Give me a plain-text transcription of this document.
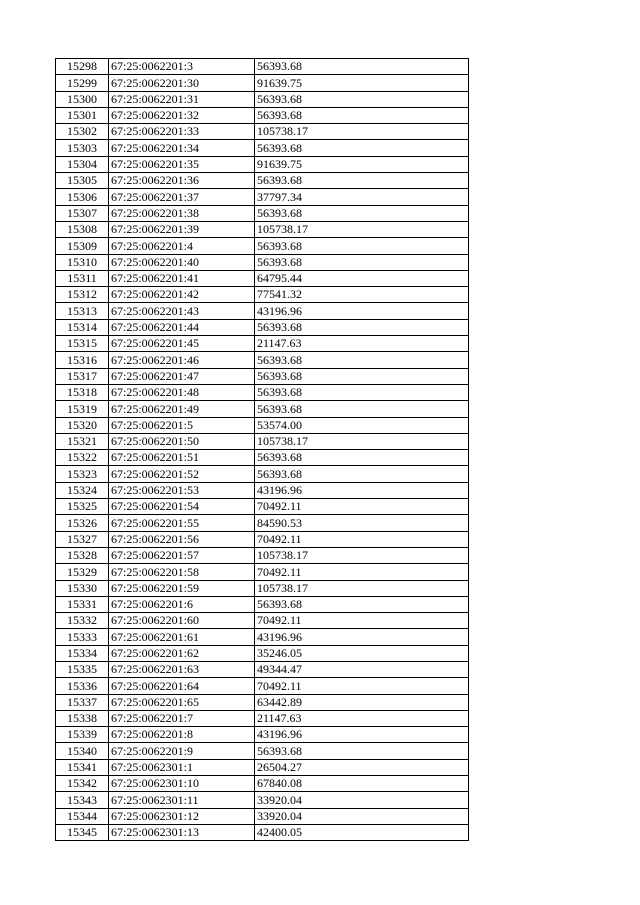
15298	67:25:0062201:3	56393.68
15299	67:25:0062201:30	91639.75
15300	67:25:0062201:31	56393.68
15301	67:25:0062201:32	56393.68
15302	67:25:0062201:33	105738.17
15303	67:25:0062201:34	56393.68
15304	67:25:0062201:35	91639.75
15305	67:25:0062201:36	56393.68
15306	67:25:0062201:37	37797.34
15307	67:25:0062201:38	56393.68
15308	67:25:0062201:39	105738.17
15309	67:25:0062201:4	56393.68
15310	67:25:0062201:40	56393.68
15311	67:25:0062201:41	64795.44
15312	67:25:0062201:42	77541.32
15313	67:25:0062201:43	43196.96
15314	67:25:0062201:44	56393.68
15315	67:25:0062201:45	21147.63
15316	67:25:0062201:46	56393.68
15317	67:25:0062201:47	56393.68
15318	67:25:0062201:48	56393.68
15319	67:25:0062201:49	56393.68
15320	67:25:0062201:5	53574.00
15321	67:25:0062201:50	105738.17
15322	67:25:0062201:51	56393.68
15323	67:25:0062201:52	56393.68
15324	67:25:0062201:53	43196.96
15325	67:25:0062201:54	70492.11
15326	67:25:0062201:55	84590.53
15327	67:25:0062201:56	70492.11
15328	67:25:0062201:57	105738.17
15329	67:25:0062201:58	70492.11
15330	67:25:0062201:59	105738.17
15331	67:25:0062201:6	56393.68
15332	67:25:0062201:60	70492.11
15333	67:25:0062201:61	43196.96
15334	67:25:0062201:62	35246.05
15335	67:25:0062201:63	49344.47
15336	67:25:0062201:64	70492.11
15337	67:25:0062201:65	63442.89
15338	67:25:0062201:7	21147.63
15339	67:25:0062201:8	43196.96
15340	67:25:0062201:9	56393.68
15341	67:25:0062301:1	26504.27
15342	67:25:0062301:10	67840.08
15343	67:25:0062301:11	33920.04
15344	67:25:0062301:12	33920.04
15345	67:25:0062301:13	42400.05
